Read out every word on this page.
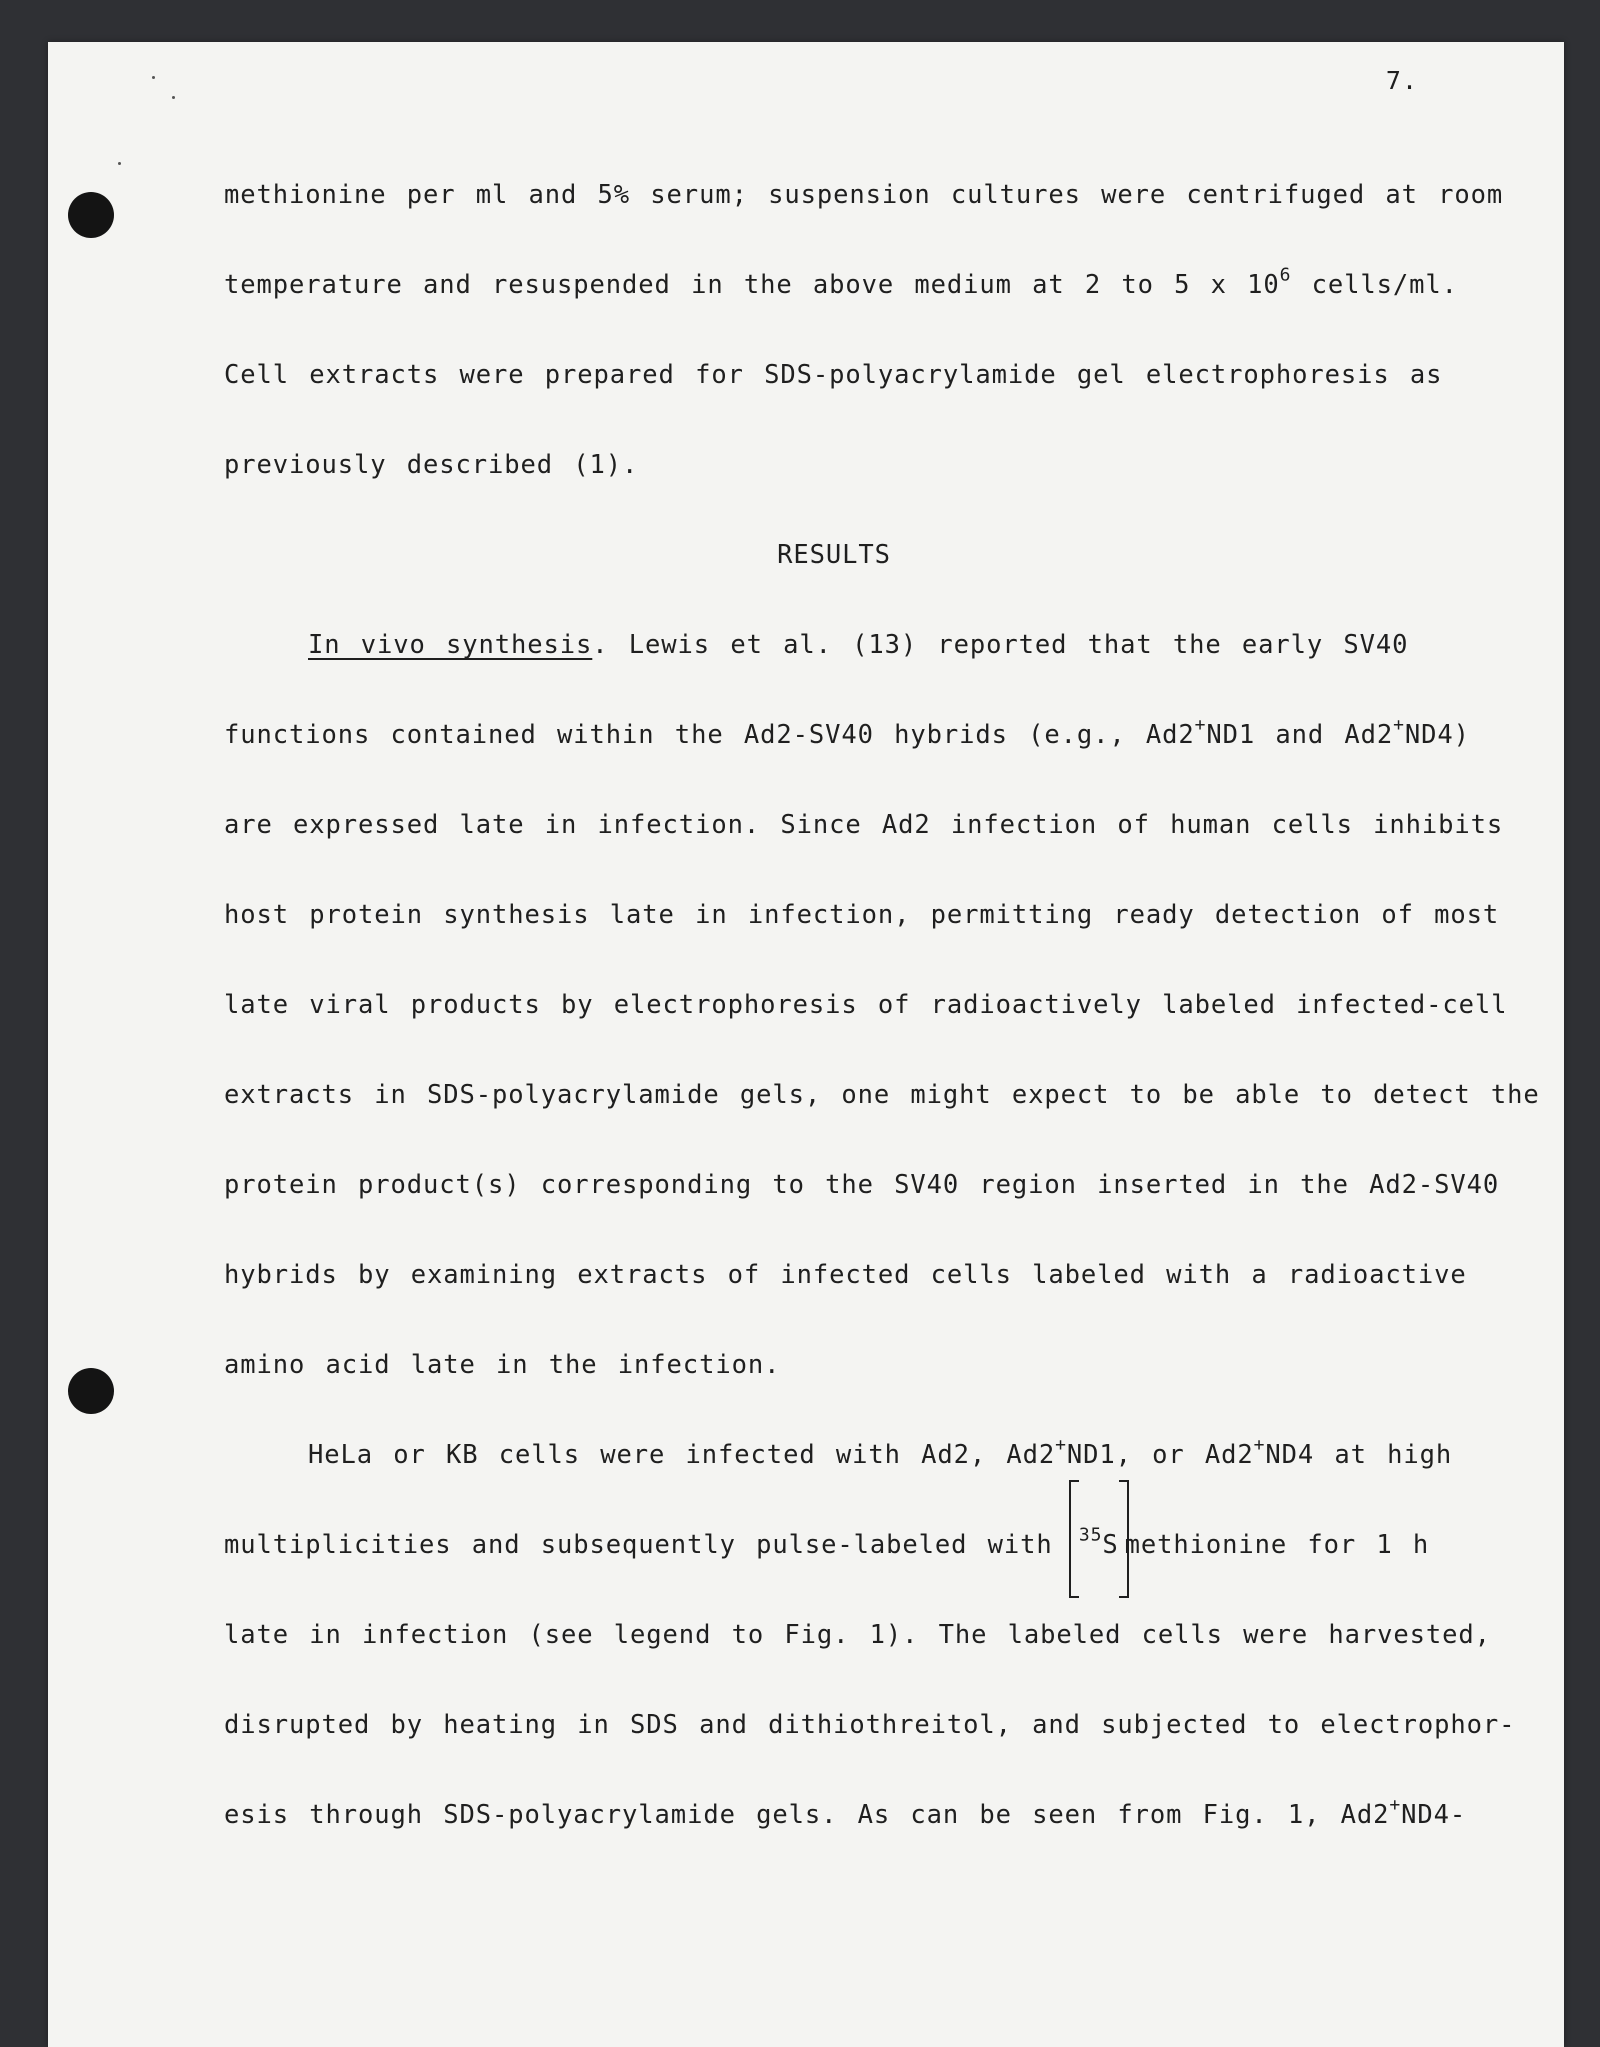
7.
methionine per ml and 5% serum; suspension cultures were centrifuged at room
temperature and resuspended in the above medium at 2 to 5 x $10^6$ cells/ml.
Cell extracts were prepared for SDS-polyacrylamide gel electrophoresis as
previously described (1).
RESULTS
In vivo synthesis. Lewis et al. (13) reported that the early SV40
functions contained within the Ad2-SV40 hybrids (e.g., Ad2+ND1 and Ad2+ND4)
are expressed late in infection. Since Ad2 infection of human cells inhibits
host protein synthesis late in infection, permitting ready detection of most
late viral products by electrophoresis of radioactively labeled infected-cell
extracts in SDS-polyacrylamide gels, one might expect to be able to detect the
protein product(s) corresponding to the SV40 region inserted in the Ad2-SV40
hybrids by examining extracts of infected cells labeled with a radioactive
amino acid late in the infection.
HeLa or KB cells were infected with Ad2, Ad2+ND1, or Ad2+ND4 at high
multiplicities and subsequently pulse-labeled with $^{35}$S methionine for 1 h
late in infection (see legend to Fig. 1). The labeled cells were harvested,
disrupted by heating in SDS and dithiothreitol, and subjected to electrophor-
esis through SDS-polyacrylamide gels. As can be seen from Fig. 1, Ad2+ND4-
